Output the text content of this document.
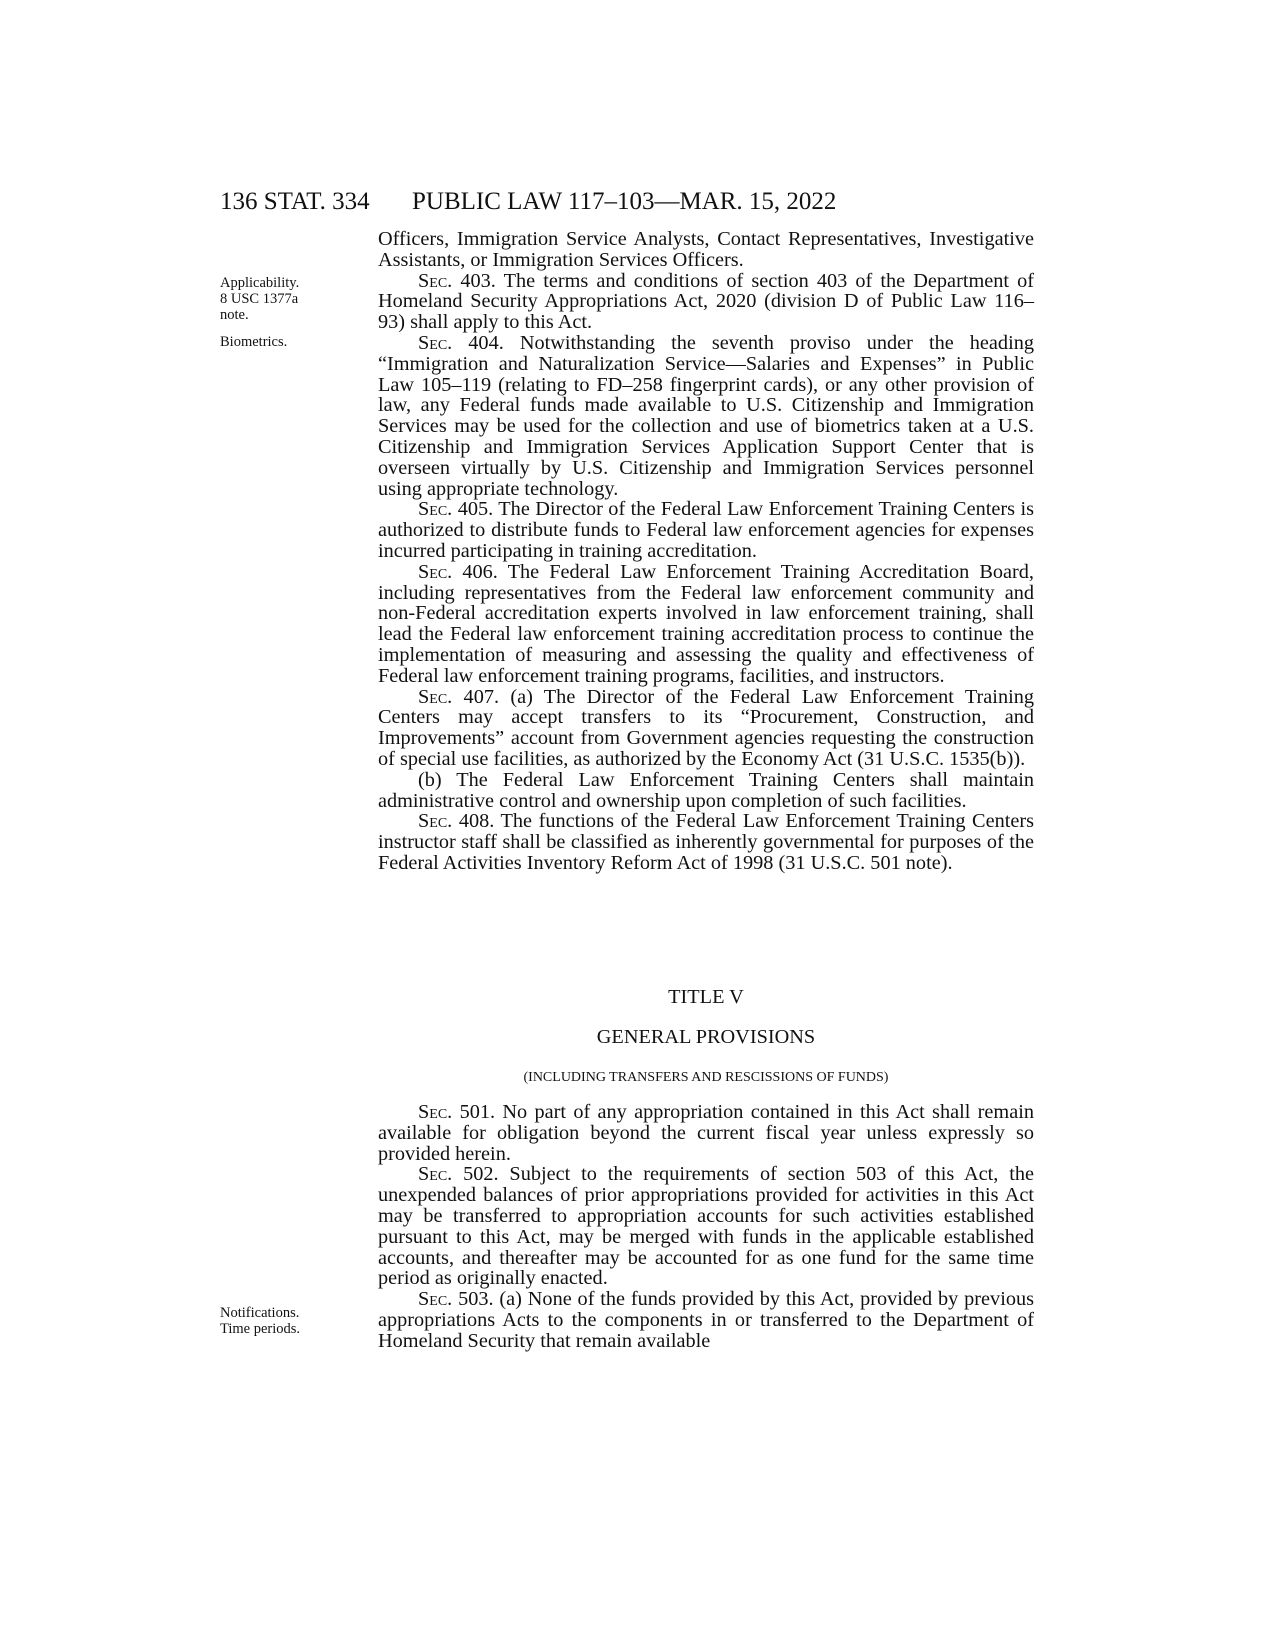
136 STAT. 334 PUBLIC LAW 117–103—MAR. 15, 2022
Applicability.
8 USC 1377a
note.
Biometrics.
Notifications.
Time periods.

Officers, Immigration Service Analysts, Contact Representatives, Investigative Assistants, or Immigration Services Officers.

Sec. 403. The terms and conditions of section 403 of the Department of Homeland Security Appropriations Act, 2020 (division D of Public Law 116–93) shall apply to this Act.

Sec. 404. Notwithstanding the seventh proviso under the heading “Immigration and Naturalization Service—Salaries and Expenses” in Public Law 105–119 (relating to FD–258 fingerprint cards), or any other provision of law, any Federal funds made available to U.S. Citizenship and Immigration Services may be used for the collection and use of biometrics taken at a U.S. Citizenship and Immigration Services Application Support Center that is overseen virtually by U.S. Citizenship and Immigration Services personnel using appropriate technology.

Sec. 405. The Director of the Federal Law Enforcement Training Centers is authorized to distribute funds to Federal law enforcement agencies for expenses incurred participating in training accreditation.

Sec. 406. The Federal Law Enforcement Training Accreditation Board, including representatives from the Federal law enforcement community and non-Federal accreditation experts involved in law enforcement training, shall lead the Federal law enforcement training accreditation process to continue the implementation of measuring and assessing the quality and effectiveness of Federal law enforcement training programs, facilities, and instructors.

Sec. 407. (a) The Director of the Federal Law Enforcement Training Centers may accept transfers to its “Procurement, Construction, and Improvements” account from Government agencies requesting the construction of special use facilities, as authorized by the Economy Act (31 U.S.C. 1535(b)).

(b) The Federal Law Enforcement Training Centers shall maintain administrative control and ownership upon completion of such facilities.

Sec. 408. The functions of the Federal Law Enforcement Training Centers instructor staff shall be classified as inherently governmental for purposes of the Federal Activities Inventory Reform Act of 1998 (31 U.S.C. 501 note).

TITLE V
GENERAL PROVISIONS
(INCLUDING TRANSFERS AND RESCISSIONS OF FUNDS)

Sec. 501. No part of any appropriation contained in this Act shall remain available for obligation beyond the current fiscal year unless expressly so provided herein.

Sec. 502. Subject to the requirements of section 503 of this Act, the unexpended balances of prior appropriations provided for activities in this Act may be transferred to appropriation accounts for such activities established pursuant to this Act, may be merged with funds in the applicable established accounts, and thereafter may be accounted for as one fund for the same time period as originally enacted.

Sec. 503. (a) None of the funds provided by this Act, provided by previous appropriations Acts to the components in or transferred to the Department of Homeland Security that remain available
